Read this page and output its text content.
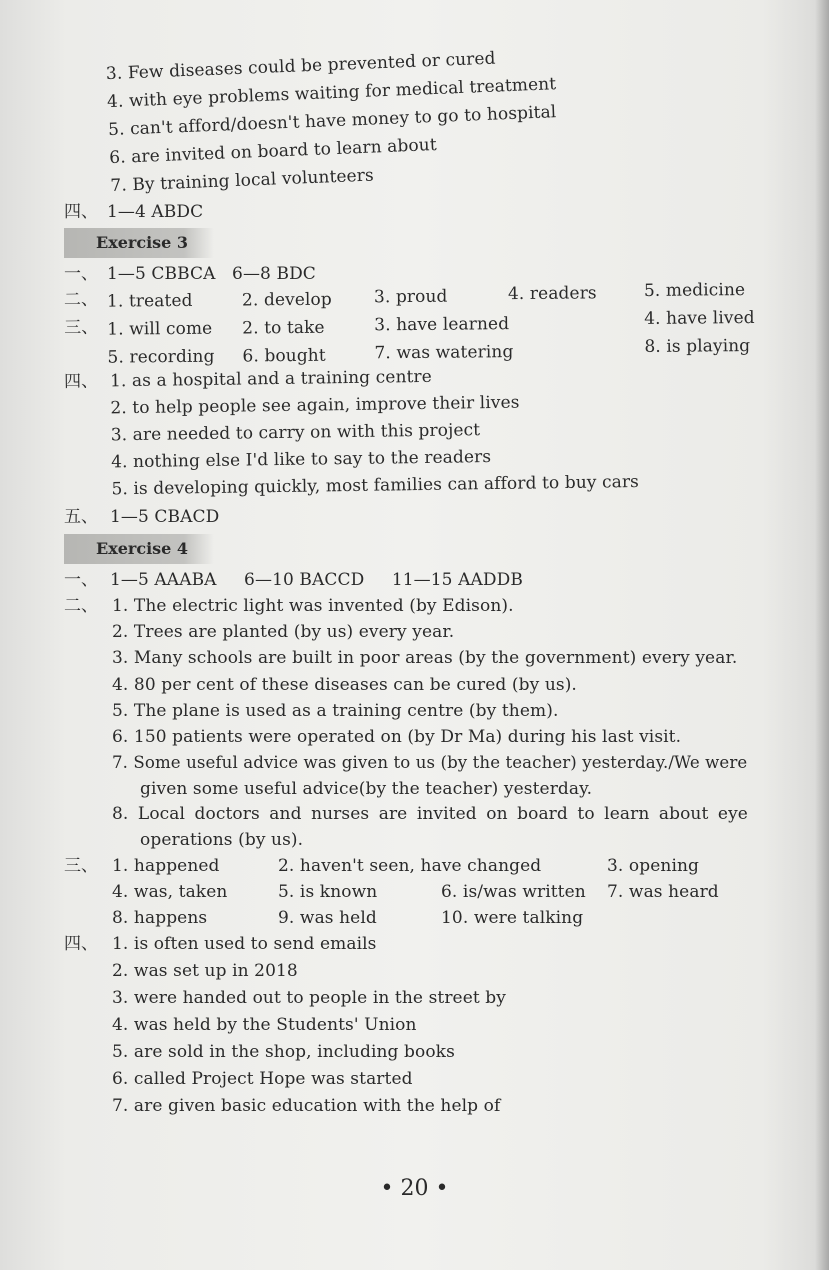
3. Few diseases could be prevented or cured
4. with eye problems waiting for medical treatment
5. can't afford/doesn't have money to go to hospital
6. are invited on board to learn about
7. By training local volunteers
四、 1—4 ABDC
Exercise 3
一、 1—5 CBBCA   6—8 BDC
二、 1. treated	2. develop 3. proud	4. readers	5. medicine
三、 1. will come 2. to take	3. have learned	4. have lived
5. recording 6. bought	7. was watering	8. is playing
四、 1. as a hospital and a training centre
2. to help people see again, improve their lives
3. are needed to carry on with this project
4. nothing else I'd like to say to the readers
5. is developing quickly, most families can afford to buy cars
五、 1—5 CBACD
Exercise 4
一、 1—5 AAABA     6—10 BACCD     11—15 AADDB
二、 1. The electric light was invented (by Edison).
2. Trees are planted (by us) every year.
3. Many schools are built in poor areas (by the government) every year.
4. 80 per cent of these diseases can be cured (by us).
5. The plane is used as a training centre (by them).
6. 150 patients were operated on (by Dr Ma) during his last visit.
7. Some useful advice was given to us (by the teacher) yesterday./We were
given some useful advice(by the teacher) yesterday.
8. Local doctors and nurses are invited on board to learn about eye
operations (by us).
三、 1. happened	2. haven't seen, have changed	3. opening
4. was, taken	5. is known	6. is/was written 7. was heard
8. happens	9. was held	10. were talking
四、 1. is often used to send emails
2. was set up in 2018
3. were handed out to people in the street by
4. was held by the Students' Union
5. are sold in the shop, including books
6. called Project Hope was started
7. are given basic education with the help of
• 20 •
